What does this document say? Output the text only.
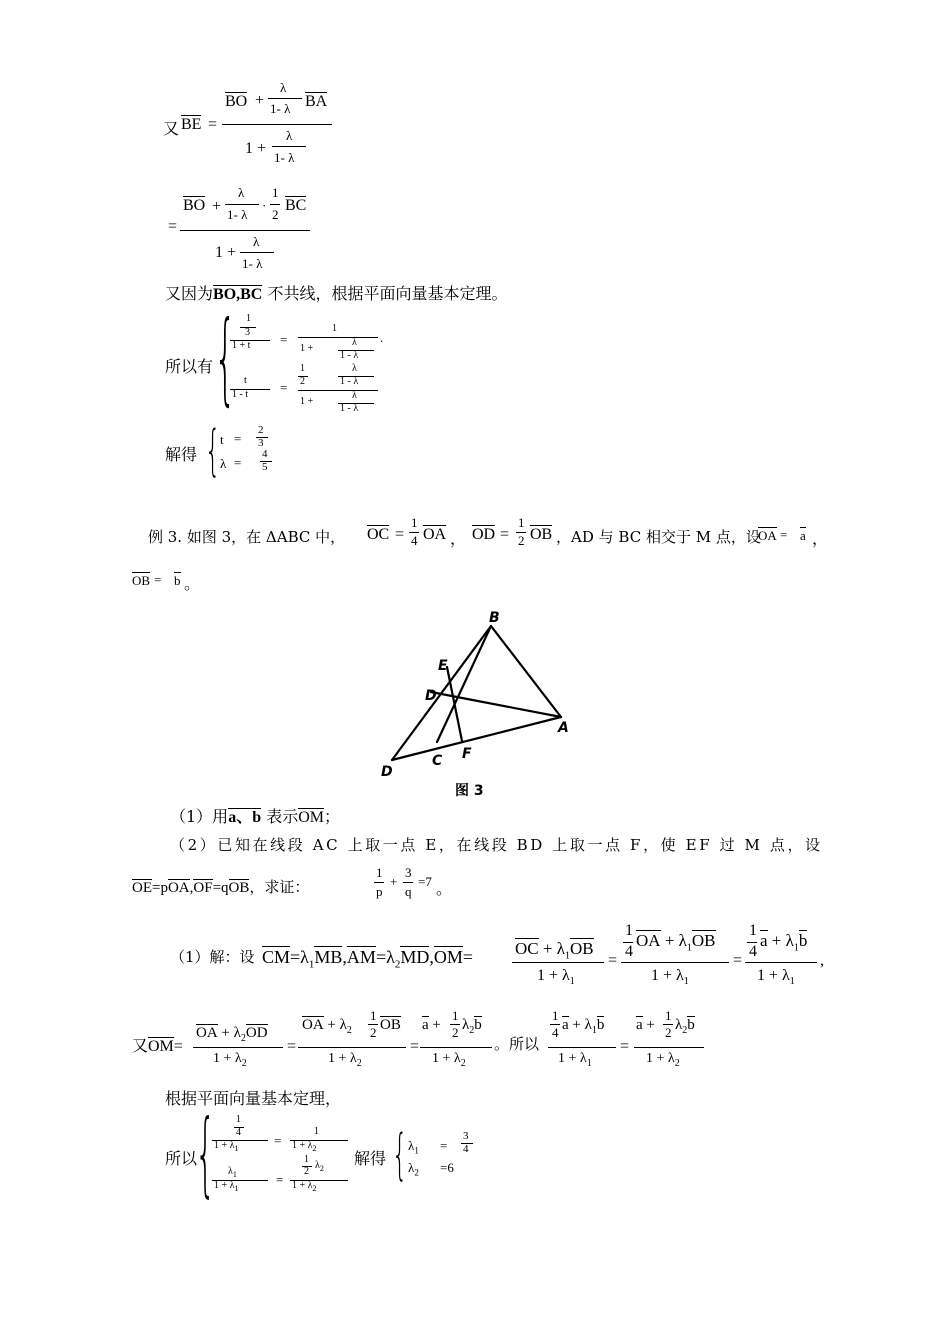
又 BE =
BO +
λ
1- λ BA
1 +
λ
1- λ
=
BO +
λ
1- λ
·
1
2
BC
1 +
λ
1- λ
又因为BO,BC 不共线，根据平面向量基本定理。
所以有 { 1
3
1 + t =
1
1 +
λ
1 - λ
.
t
1 - t =
1
2
λ
1 - λ
1 +
λ
1 - λ
解得 { t =
2
3
λ =
4
5
例 3. 如图 3，在 ΔABC 中， OC =
1
4 OA ， OD =
1
2 OB ，AD 与 BC 相交于 M 点，设
OA = a ，
OB = b 。
B
E
D
A
F
C
D
图 3
（1）用a、b 表示OM；
（2）已知在线段 AC 上取一点 E，在线段 BD 上取一点 F，使 EF 过 M 点，设
OE=pOA,OF=qOB，求证：
1
p
+
3
q
=7 。
（1）解：设 $CM=\lambda_1MB,AM=\lambda_2MD,OM=$ OC + $\lambda_1OB$
$1 + \lambda_1$
=
1
4
OA + $\lambda_1OB$
$1 + \lambda_1$
=
1
4
$a + \lambda_1b$
$1 + \lambda_1$
,
又 OM=
OA + $\lambda_2OD$
$1 + \lambda_2$
=
OA + $\lambda_2$
1
2 OB
$1 + \lambda_2$
=
a +
1
2 $\lambda_2b$
$1 + \lambda_2$
。所以
1
4 $a + \lambda_1b$
$1 + \lambda_1$
=
a +
1
2 $\lambda_2b$
$1 + \lambda_2$
根据平面向量基本定理，
所以
{ 1
4
$1 + \lambda_1$
=
1
$1 + \lambda_2$
$\lambda_1$
$1 + \lambda_1$
=
1
2
$\lambda_2$
$1 + \lambda_2$
解得 { $\lambda_1$ =
3
4
$\lambda_2 =6$
